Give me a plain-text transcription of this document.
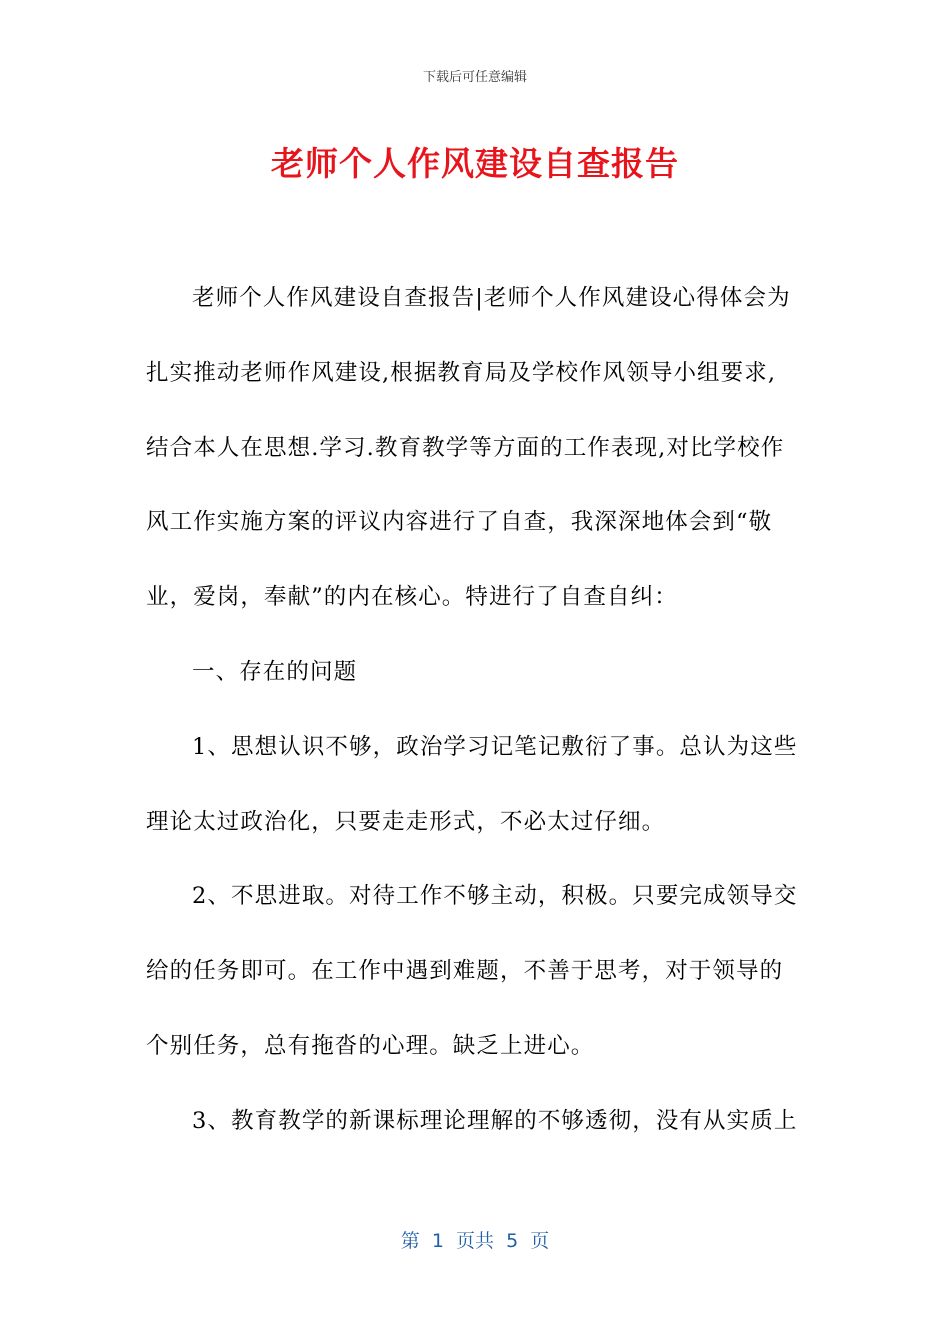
下载后可任意编辑
老师个人作风建设自查报告
老师个人作风建设自查报告|老师个人作风建设心得体会为
扎实推动老师作风建设,根据教育局及学校作风领导小组要求,
结合本人在思想.学习.教育教学等方面的工作表现,对比学校作
风工作实施方案的评议内容进行了自查，我深深地体会到“敬
业，爱岗，奉献”的内在核心。特进行了自查自纠：
一、存在的问题
1、思想认识不够，政治学习记笔记敷衍了事。总认为这些
理论太过政治化，只要走走形式，不必太过仔细。
2、不思进取。对待工作不够主动，积极。只要完成领导交
给的任务即可。在工作中遇到难题，不善于思考，对于领导的
个别任务，总有拖沓的心理。缺乏上进心。
3、教育教学的新课标理论理解的不够透彻，没有从实质上
第  1  页共  5  页
